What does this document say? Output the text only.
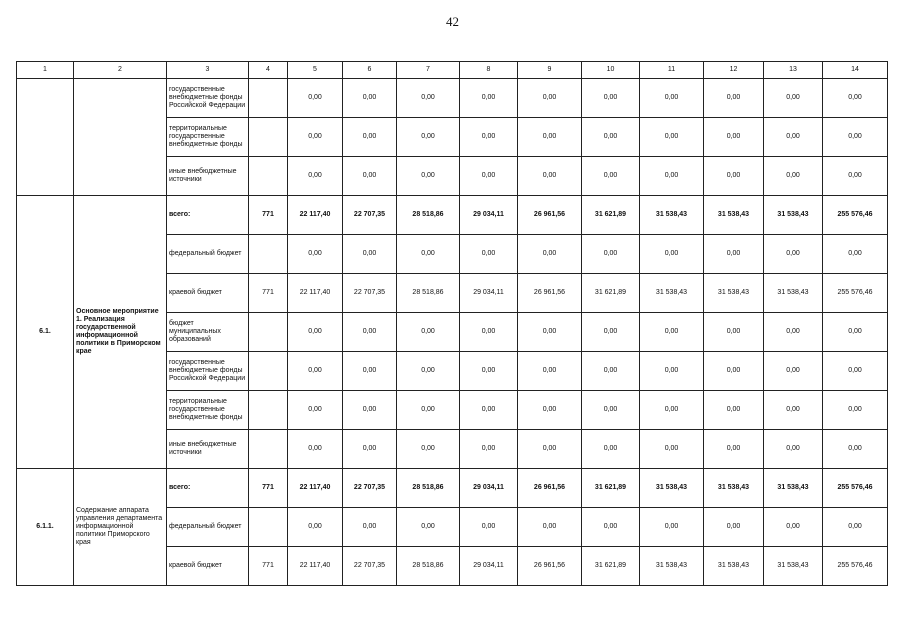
42
1	2	3	4	5	6	7	8	9	10	11	12	13	14
		государственные внебюджетные фонды Российской Федерации		0,00	0,00	0,00	0,00	0,00	0,00	0,00	0,00	0,00	0,00
		территориальные государственные внебюджетные фонды		0,00	0,00	0,00	0,00	0,00	0,00	0,00	0,00	0,00	0,00
		иные внебюджетные источники		0,00	0,00	0,00	0,00	0,00	0,00	0,00	0,00	0,00	0,00
6.1.	Основное мероприятие 1. Реализация государственной информационной политики в Приморском крае	всего:	771	22 117,40	22 707,35	28 518,86	29 034,11	26 961,56	31 621,89	31 538,43	31 538,43	31 538,43	255 576,46
		федеральный бюджет		0,00	0,00	0,00	0,00	0,00	0,00	0,00	0,00	0,00	0,00
		краевой бюджет	771	22 117,40	22 707,35	28 518,86	29 034,11	26 961,56	31 621,89	31 538,43	31 538,43	31 538,43	255 576,46
		бюджет муниципальных образований		0,00	0,00	0,00	0,00	0,00	0,00	0,00	0,00	0,00	0,00
		государственные внебюджетные фонды Российской Федерации		0,00	0,00	0,00	0,00	0,00	0,00	0,00	0,00	0,00	0,00
		территориальные государственные внебюджетные фонды		0,00	0,00	0,00	0,00	0,00	0,00	0,00	0,00	0,00	0,00
		иные внебюджетные источники		0,00	0,00	0,00	0,00	0,00	0,00	0,00	0,00	0,00	0,00
6.1.1.	Содержание аппарата управления департамента информационной политики Приморского края	всего:	771	22 117,40	22 707,35	28 518,86	29 034,11	26 961,56	31 621,89	31 538,43	31 538,43	31 538,43	255 576,46
		федеральный бюджет		0,00	0,00	0,00	0,00	0,00	0,00	0,00	0,00	0,00	0,00
		краевой бюджет	771	22 117,40	22 707,35	28 518,86	29 034,11	26 961,56	31 621,89	31 538,43	31 538,43	31 538,43	255 576,46
